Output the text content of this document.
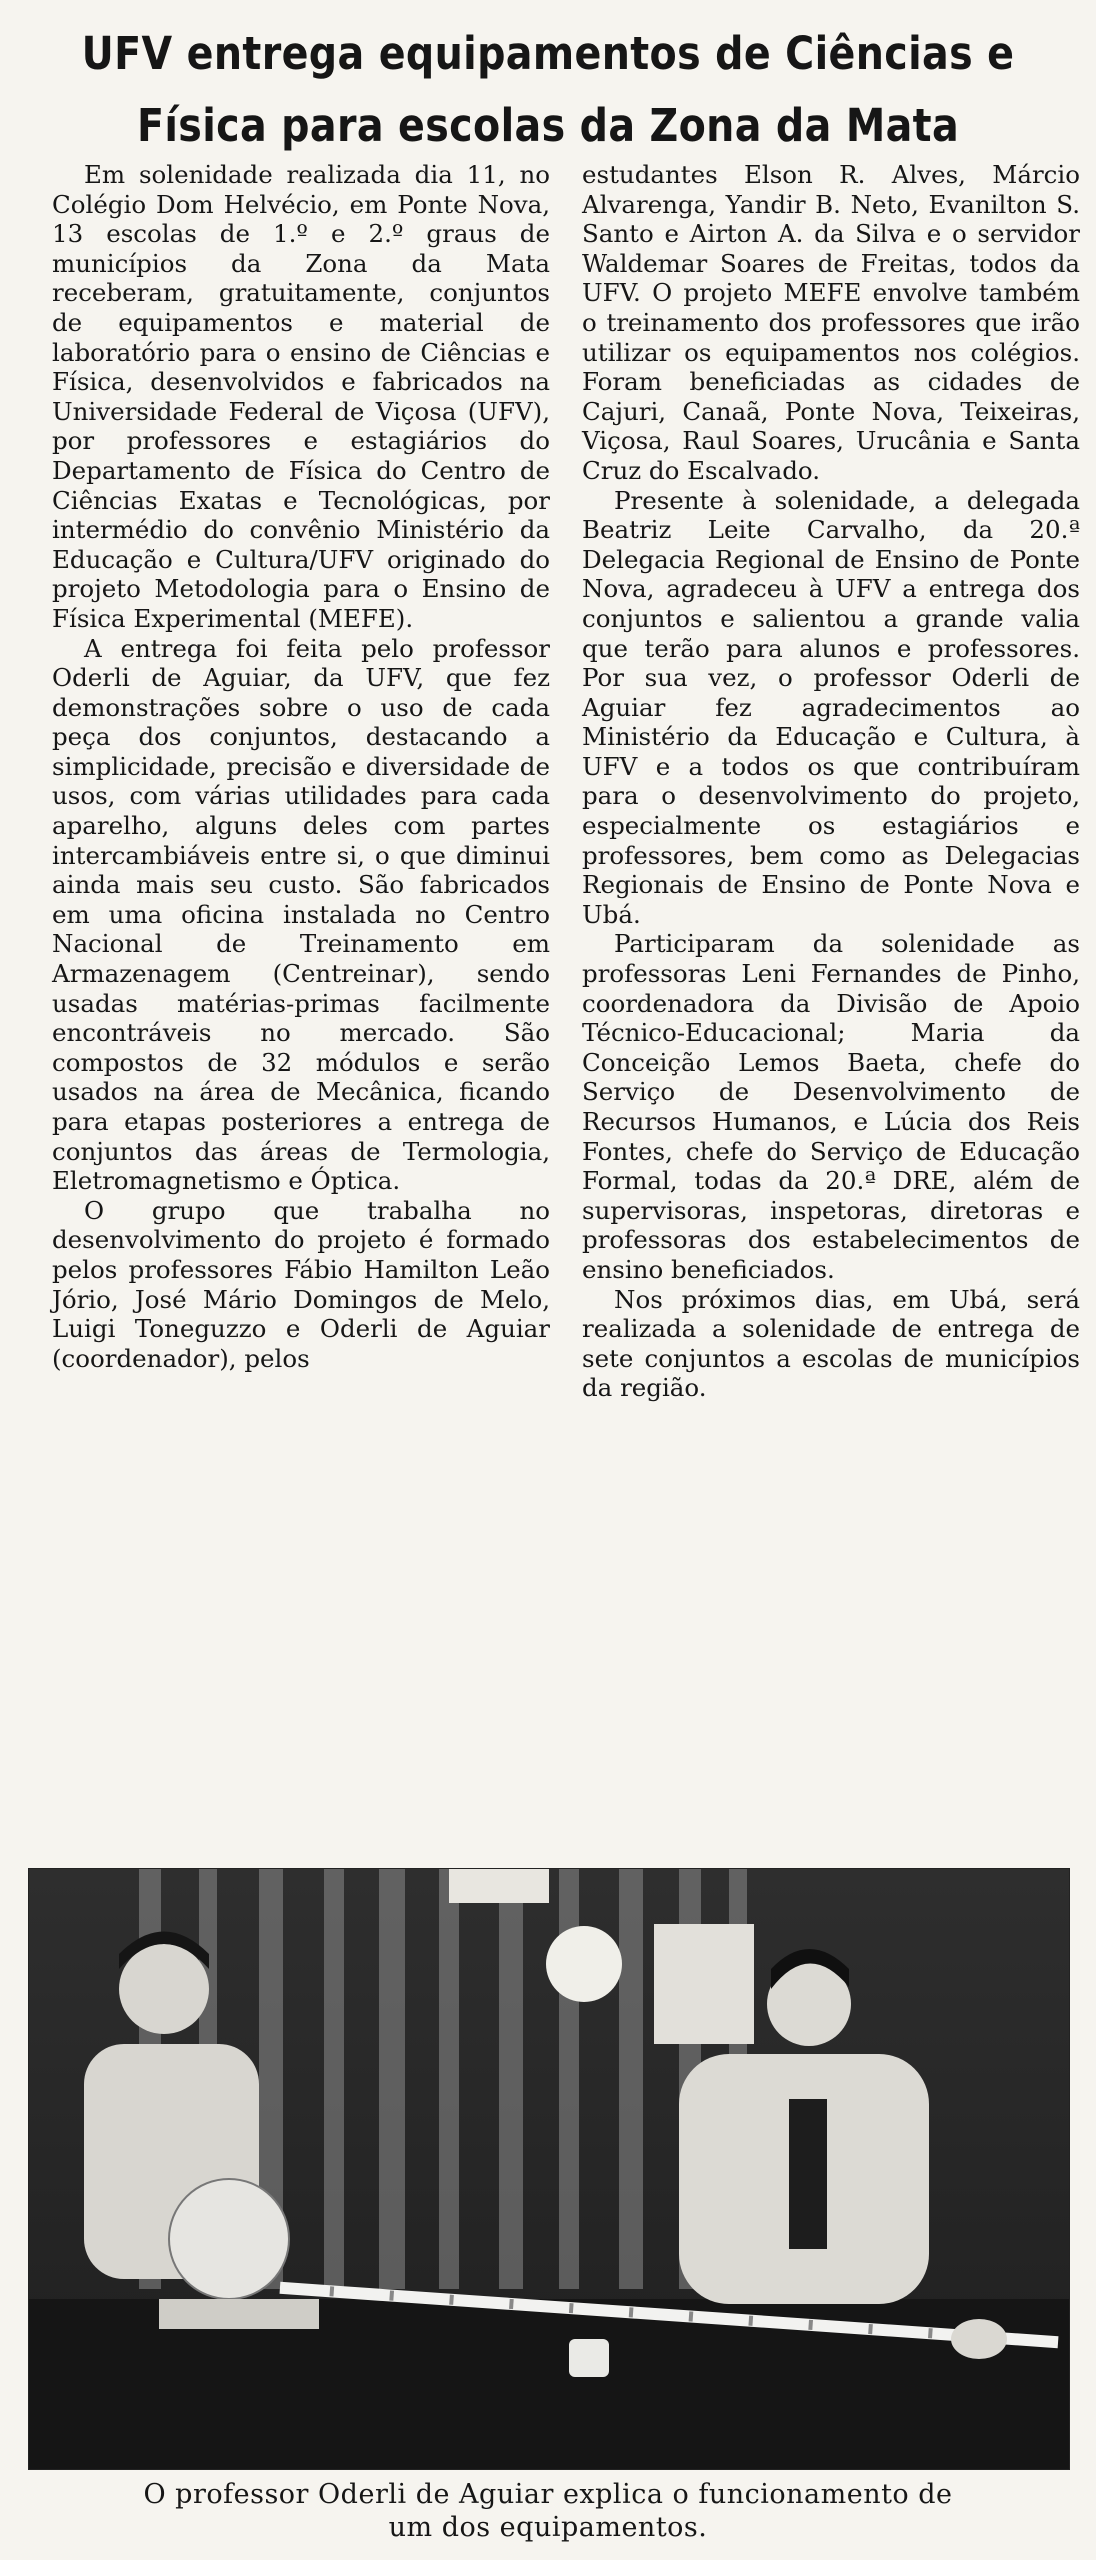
UFV entrega equipamentos de Ciências e
Física para escolas da Zona da Mata

Em solenidade realizada dia 11, no Colégio Dom Helvécio, em Ponte Nova, 13 escolas de 1.º e 2.º graus de municípios da Zona da Mata receberam, gratuitamente, conjuntos de equipamentos e material de laboratório para o ensino de Ciências e Física, desenvolvidos e fabricados na Universidade Federal de Viçosa (UFV), por professores e estagiários do Departamento de Física do Centro de Ciências Exatas e Tecnológicas, por intermédio do convênio Ministério da Educação e Cultura/UFV originado do projeto Metodologia para o Ensino de Física Experimental (MEFE).

A entrega foi feita pelo professor Oderli de Aguiar, da UFV, que fez demonstrações sobre o uso de cada peça dos conjuntos, destacando a simplicidade, precisão e diversidade de usos, com várias utilidades para cada aparelho, alguns deles com partes intercambiáveis entre si, o que diminui ainda mais seu custo. São fabricados em uma oficina instalada no Centro Nacional de Treinamento em Armazenagem (Centreinar), sendo usadas matérias-primas facilmente encontráveis no mercado. São compostos de 32 módulos e serão usados na área de Mecânica, ficando para etapas posteriores a entrega de conjuntos das áreas de Termologia, Eletromagnetismo e Óptica.

O grupo que trabalha no desenvolvimento do projeto é formado pelos professores Fábio Hamilton Leão Jório, José Mário Domingos de Melo, Luigi Toneguzzo e Oderli de Aguiar (coordenador), pelos

estudantes Elson R. Alves, Márcio Alvarenga, Yandir B. Neto, Evanilton S. Santo e Airton A. da Silva e o servidor Waldemar Soares de Freitas, todos da UFV. O projeto MEFE envolve também o treinamento dos professores que irão utilizar os equipamentos nos colégios. Foram beneficiadas as cidades de Cajuri, Canaã, Ponte Nova, Teixeiras, Viçosa, Raul Soares, Urucânia e Santa Cruz do Escalvado.

Presente à solenidade, a delegada Beatriz Leite Carvalho, da 20.ª Delegacia Regional de Ensino de Ponte Nova, agradeceu à UFV a entrega dos conjuntos e salientou a grande valia que terão para alunos e professores. Por sua vez, o professor Oderli de Aguiar fez agradecimentos ao Ministério da Educação e Cultura, à UFV e a todos os que contribuíram para o desenvolvimento do projeto, especialmente os estagiários e professores, bem como as Delegacias Regionais de Ensino de Ponte Nova e Ubá.

Participaram da solenidade as professoras Leni Fernandes de Pinho, coordenadora da Divisão de Apoio Técnico-Educacional; Maria da Conceição Lemos Baeta, chefe do Serviço de Desenvolvimento de Recursos Humanos, e Lúcia dos Reis Fontes, chefe do Serviço de Educação Formal, todas da 20.ª DRE, além de supervisoras, inspetoras, diretoras e professoras dos estabelecimentos de ensino beneficiados.

Nos próximos dias, em Ubá, será realizada a solenidade de entrega de sete conjuntos a escolas de municípios da região.

O professor Oderli de Aguiar explica o funcionamento de
um dos equipamentos.
